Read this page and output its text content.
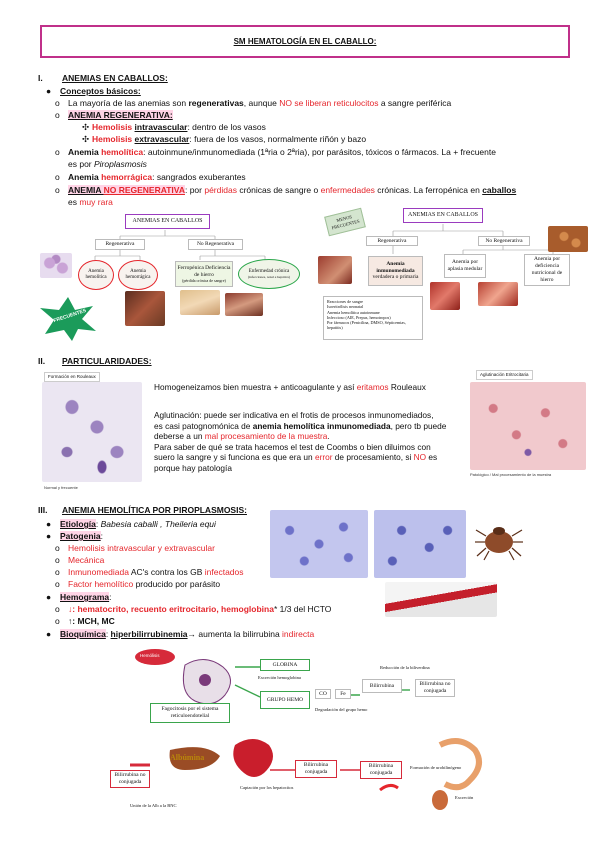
SM HEMATOLOGÍA EN EL CABALLO:
I. ANEMIAS EN CABALLOS:
● Conceptos básicos:
o La mayoría de las anemias son regenerativas, aunque NO se liberan reticulocitos a sangre periférica
o ANEMIA REGENERATIVA:
✣ Hemolisis intravascular: dentro de los vasos
✣ Hemolisis extravascular: fuera de los vasos, normalmente riñón y bazo
o Anemia hemolítica: autoinmune/inmunomediada (1ªria o 2ªria), por parásitos, tóxicos o fármacos. La + frecuente
es por Piroplasmosis
o Anemia hemorrágica: sangrados exuberantes
o ANEMIA NO REGENERATIVA: por pérdidas crónicas de sangre o enfermedades crónicas. La ferropénica en caballos
es muy rara
ANEMIAS EN CABALLOS
Regenerativa	No Regenerativa
Anemia hemolítica
Anemia hemorrágica
Ferropénica Deficiencia de hierro
(pérdida crónica de sangre)
Enfermedad crónica
(infecciones, renal e hepática)
FRECUENTES
MENOS FRECUENTES
ANEMIAS EN CABALLOS
Regenerativa	No Regenerativa
Anemia inmunomediada
verdadera o primaria
Anemia por aplasia medular
Anemia por deficiencia nutricional de hierro
Reacciones de sangre
Isoeritrólisis neonatal
Anemia hemolítica autoinmune
Infeccioso (AIE, Prepus, hemotropos)
Por fármacos (Penicilina, DMSO, Sépticemias, hepatitis)
II. PARTICULARIDADES:
Formación en Rouleaux
Normal y frecuente
Homogeneizamos bien muestra + anticoagulante y así eritamos Rouleaux
Aglutinación: puede ser indicativa en el frotis de procesos inmunomediados,
es casi patognomónica de anemia hemolítica inmunomediada, pero tb puede
deberse a un mal procesamiento de la muestra.
Para saber de qué se trata hacemos el test de Coombs o bien diluimos con
suero la sangre y si funciona es que era un error de procesamiento, si NO es
porque hay patología
Aglutinación Eritrocitaria
Patológico / Mal procesamiento de la muestra
III. ANEMIA HEMOLÍTICA POR PIROPLASMOSIS:
● Etiología: Babesia caballi , Theileria equi
● Patogenia:
o Hemolisis intravascular y extravascular
o Mecánica
o Inmunomediada AC's contra los GB infectados
o Factor hemolítico producido por parásito
● Hemograma:
o ↓: hematocrito, recuento eritrocitario, hemoglobina* 1/3 del HCTO
o ↑: MCH, MC
● Bioquímica: hiperbilirrubinemia→ aumenta la bilirrubina indirecta
Hemólisis
GLOBINA
Excreción hemoglobina
Fagocitosis por el sistema reticuloendotelial
GRUPO HEMO
CO	Fe
Degradación del grupo hemo
Reducción de la biliverdina
Bilirrubina	Bilirrubina no conjugada
Albúmina
Bilirrubina no conjugada
Unión de la Alb a la BNC
Bilirrubina conjugada
Captación por los hepatocitos
Bilirrubina conjugada
Formación de urobilinógeno
Excreción
